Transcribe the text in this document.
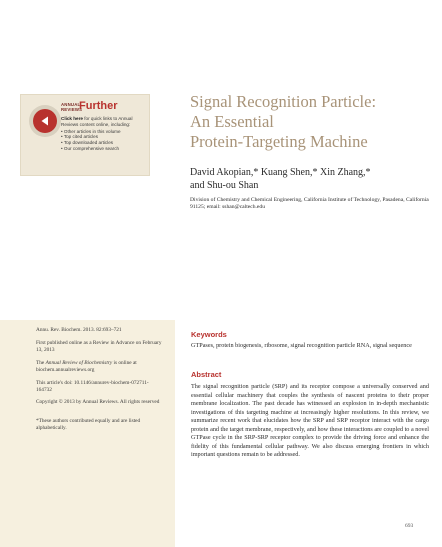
ANNUAL REVIEWS
Further
Click here for quick links to Annual Reviews content online, including:
• Other articles in this volume
• Top cited articles
• Top downloaded articles
• Our comprehensive search
Signal Recognition Particle:
An Essential
Protein-Targeting Machine
David Akopian,* Kuang Shen,* Xin Zhang,*
and Shu-ou Shan
Division of Chemistry and Chemical Engineering, California Institute of Technology, Pasadena, California 91125; email: sshan@caltech.edu
Annu. Rev. Biochem. 2013. 82:693–721
First published online as a Review in Advance on February 13, 2013
The Annual Review of Biochemistry is online at biochem.annualreviews.org
This article's doi: 10.1146/annurev-biochem-072711-164732
Copyright © 2013 by Annual Reviews. All rights reserved
*These authors contributed equally and are listed alphabetically.
Keywords
GTPases, protein biogenesis, ribosome, signal recognition particle RNA, signal sequence
Abstract
The signal recognition particle (SRP) and its receptor compose a universally conserved and essential cellular machinery that couples the synthesis of nascent proteins to their proper membrane localization. The past decade has witnessed an explosion in in-depth mechanistic investigations of this targeting machine at increasingly higher resolutions. In this review, we summarize recent work that elucidates how the SRP and SRP receptor interact with the cargo protein and the target membrane, respectively, and how these interactions are coupled to a novel GTPase cycle in the SRP-SRP receptor complex to provide the driving force and enhance the fidelity of this fundamental cellular pathway. We also discuss emerging frontiers in which important questions remain to be addressed.
693
